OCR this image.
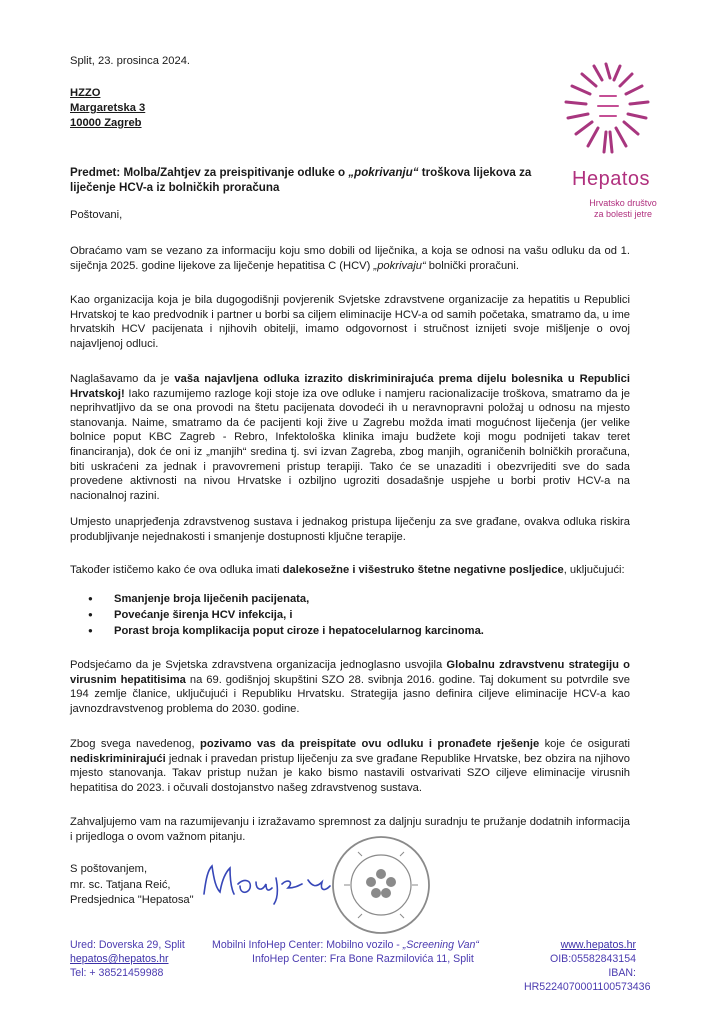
Hepatos
Hrvatsko društvo
za bolesti jetre
Split, 23. prosinca 2024.
HZZO
Margaretska 3
10000 Zagreb
Predmet: Molba/Zahtjev za preispitivanje odluke o „pokrivanju“ troškova lijekova za liječenje HCV-a iz bolničkih proračuna
Poštovani,
Obraćamo vam se vezano za informaciju koju smo dobili od liječnika, a koja se odnosi na vašu odluku da od 1. siječnja 2025. godine lijekove za liječenje hepatitisa C (HCV) „pokrivaju“ bolnički proračuni.
Kao organizacija koja je bila dugogodišnji povjerenik Svjetske zdravstvene organizacije za hepatitis u Republici Hrvatskoj te kao predvodnik i partner u borbi sa ciljem eliminacije HCV-a od samih početaka, smatramo da, u ime hrvatskih HCV pacijenata i njihovih obitelji, imamo odgovornost i stručnost iznijeti svoje mišljenje o ovoj najavljenoj odluci.
Naglašavamo da je vaša najavljena odluka izrazito diskriminirajuća prema dijelu bolesnika u Republici Hrvatskoj! Iako razumijemo razloge koji stoje iza ove odluke i namjeru racionalizacije troškova, smatramo da je neprihvatljivo da se ona provodi na štetu pacijenata dovodeći ih u neravnopravni položaj u odnosu na mjesto stanovanja. Naime, smatramo da će pacijenti koji žive u Zagrebu možda imati mogućnost liječenja (jer velike bolnice poput KBC Zagreb - Rebro, Infektološka klinika imaju budžete koji mogu podnijeti takav teret financiranja), dok će oni iz „manjih“ sredina tj. svi izvan Zagreba, zbog manjih, ograničenih bolničkih proračuna, biti uskraćeni za jednak i pravovremeni pristup terapiji. Tako će se unazaditi i obezvrijediti sve do sada provedene aktivnosti na nivou Hrvatske i ozbiljno ugroziti dosadašnje uspjehe u borbi protiv HCV-a na nacionalnoj razini.
Umjesto unaprjeđenja zdravstvenog sustava i jednakog pristupa liječenju za sve građane, ovakva odluka riskira produbljivanje nejednakosti i smanjenje dostupnosti ključne terapije.
Također ističemo kako će ova odluka imati dalekosežne i višestruko štetne negativne posljedice, uključujući:
● Smanjenje broja liječenih pacijenata,
● Povećanje širenja HCV infekcija, i
● Porast broja komplikacija poput ciroze i hepatocelularnog karcinoma.
Podsjećamo da je Svjetska zdravstvena organizacija jednoglasno usvojila Globalnu zdravstvenu strategiju o virusnim hepatitisima na 69. godišnjoj skupštini SZO 28. svibnja 2016. godine. Taj dokument su potvrdile sve 194 zemlje članice, uključujući i Republiku Hrvatsku. Strategija jasno definira ciljeve eliminacije HCV-a kao javnozdravstvenog problema do 2030. godine.
Zbog svega navedenog, pozivamo vas da preispitate ovu odluku i pronađete rješenje koje će osigurati nediskriminirajući jednak i pravedan pristup liječenju za sve građane Republike Hrvatske, bez obzira na njihovo mjesto stanovanja. Takav pristup nužan je kako bismo nastavili ostvarivati SZO ciljeve eliminacije virusnih hepatitisa do 2023. i očuvali dostojanstvo našeg zdravstvenog sustava.
Zahvaljujemo vam na razumijevanju i izražavamo spremnost za daljnju suradnju te pružanje dodatnih informacija i prijedloga o ovom važnom pitanju.
S poštovanjem,
mr. sc. Tatjana Reić,
Predsjednica "Hepatosa"
Ured: Doverska 29, Split
hepatos@hepatos.hr
Tel: + 38521459988
Mobilni InfoHep Center: Mobilno vozilo - „Screening Van“
InfoHep Center: Fra Bone Razmilovića 11, Split
www.hepatos.hr
OIB:05582843154
IBAN: HR5224070001100573436
